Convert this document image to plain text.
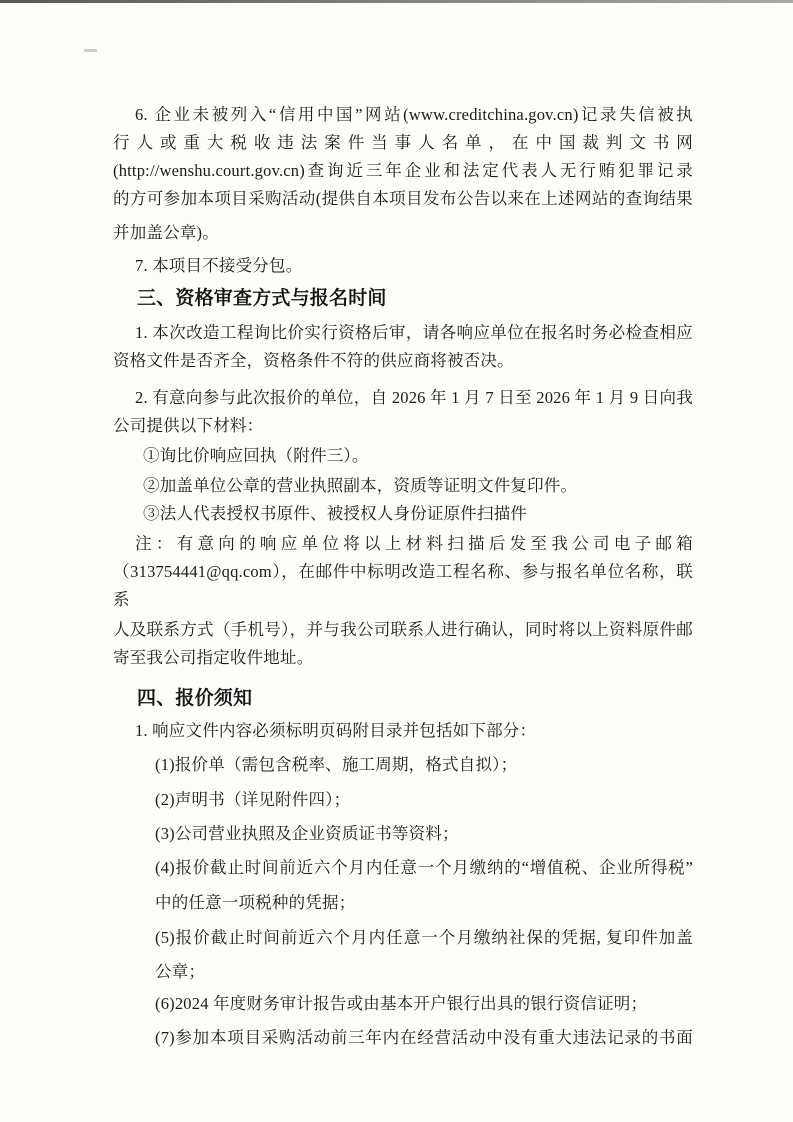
6. 企业未被列入“信用中国”网站(www.creditchina.gov.cn)记录失信被执
行人或重大税收违法案件当事人名单，在中国裁判文书网
(http://wenshu.court.gov.cn)查询近三年企业和法定代表人无行贿犯罪记录
的方可参加本项目采购活动(提供自本项目发布公告以来在上述网站的查询结果
并加盖公章)。
7. 本项目不接受分包。
三、资格审查方式与报名时间
1. 本次改造工程询比价实行资格后审，请各响应单位在报名时务必检查相应
资格文件是否齐全，资格条件不符的供应商将被否决。
2. 有意向参与此次报价的单位，自 2026 年 1 月 7 日至 2026 年 1 月 9 日向我
公司提供以下材料：
①询比价响应回执（附件三）。
②加盖单位公章的营业执照副本，资质等证明文件复印件。
③法人代表授权书原件、被授权人身份证原件扫描件
注：有意向的响应单位将以上材料扫描后发至我公司电子邮箱
（313754441@qq.com），在邮件中标明改造工程名称、参与报名单位名称，联系
人及联系方式（手机号），并与我公司联系人进行确认，同时将以上资料原件邮
寄至我公司指定收件地址。
四、报价须知
1. 响应文件内容必须标明页码附目录并包括如下部分：
(1)报价单（需包含税率、施工周期，格式自拟）；
(2)声明书（详见附件四）；
(3)公司营业执照及企业资质证书等资料；
(4)报价截止时间前近六个月内任意一个月缴纳的“增值税、企业所得税”
中的任意一项税种的凭据；
(5)报价截止时间前近六个月内任意一个月缴纳社保的凭据, 复印件加盖
公章；
(6)2024 年度财务审计报告或由基本开户银行出具的银行资信证明；
(7)参加本项目采购活动前三年内在经营活动中没有重大违法记录的书面
